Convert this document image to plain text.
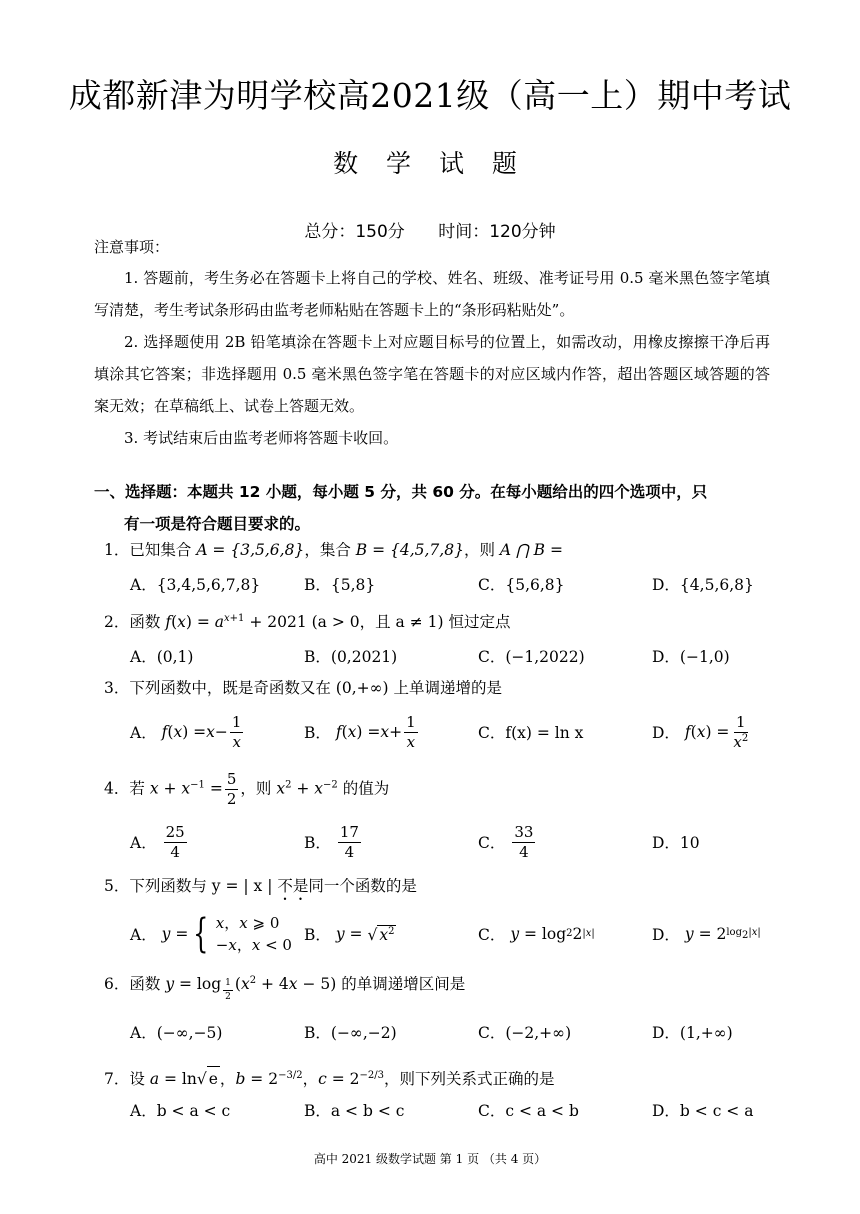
成都新津为明学校高2021级（高一上）期中考试
数 学 试 题
总分：150分 时间：120分钟
注意事项：
1. 答题前，考生务必在答题卡上将自己的学校、姓名、班级、准考证号用 0.5 毫米黑色签字笔填写清楚，考生考试条形码由监考老师粘贴在答题卡上的“条形码粘贴处”。
2. 选择题使用 2B 铅笔填涂在答题卡上对应题目标号的位置上，如需改动，用橡皮擦擦干净后再填涂其它答案；非选择题用 0.5 毫米黑色签字笔在答题卡的对应区域内作答，超出答题区域答题的答案无效；在草稿纸上、试卷上答题无效。
3. 考试结束后由监考老师将答题卡收回。
一、选择题：本题共 12 小题，每小题 5 分，共 60 分。在每小题给出的四个选项中，只
有一项是符合题目要求的。
1．已知集合 A = {3,5,6,8}，集合 B = {4,5,7,8}，则 A ⋂ B =
A．{3,4,5,6,7,8}	B．{5,8}	C．{5,6,8}	D．{4,5,6,8}
2．函数 $f(x) = a^{x+1} + 2021$ (a > 0，且 a ≠ 1) 恒过定点
A．(0,1)	B．(0,2021)	C．(−1,2022)	D．(−1,0)
3．下列函数中，既是奇函数又在 (0,+∞) 上单调递增的是
A．
f ( x ) = $x - \frac{1}{x}$	B．
f ( x ) = $x + \frac{1}{x}$	C．f(x) = ln x	D．
f ( x ) = $\frac{1}{x^2}$
4．若 $x + x^{-1} = \frac{5}{2}$ ，则 $x^2 + x^{-2}$ 的值为
A．
$\frac{25}{4}$	B．
$\frac{17}{4}$	C．
$\frac{33}{4}$	D．10
5．下列函数与 y = | x | 不是同一个函数的是
A．
y = { x，x ⩾ 0
−x，x < 0
B．
y = √ $x^2$	C．
y = log 2 2 |x|	D．
y = 2 $\log_2|x|$
6．函数 y = log $_{\frac{1}{2}}$ $(x^2 + 4x - 5)$ 的单调递增区间是
A．(−∞,−5)	B．(−∞,−2)	C．(−2,+∞)	D．(1,+∞)
7．设 a = ln√ e ，$b = 2^{-3/2}$，$c = 2^{-2/3}$，则下列关系式正确的是
A．b < a < c	B．a < b < c	C．c < a < b	D．b < c < a
高中 2021 级数学试题 第 1 页 （共 4 页）
